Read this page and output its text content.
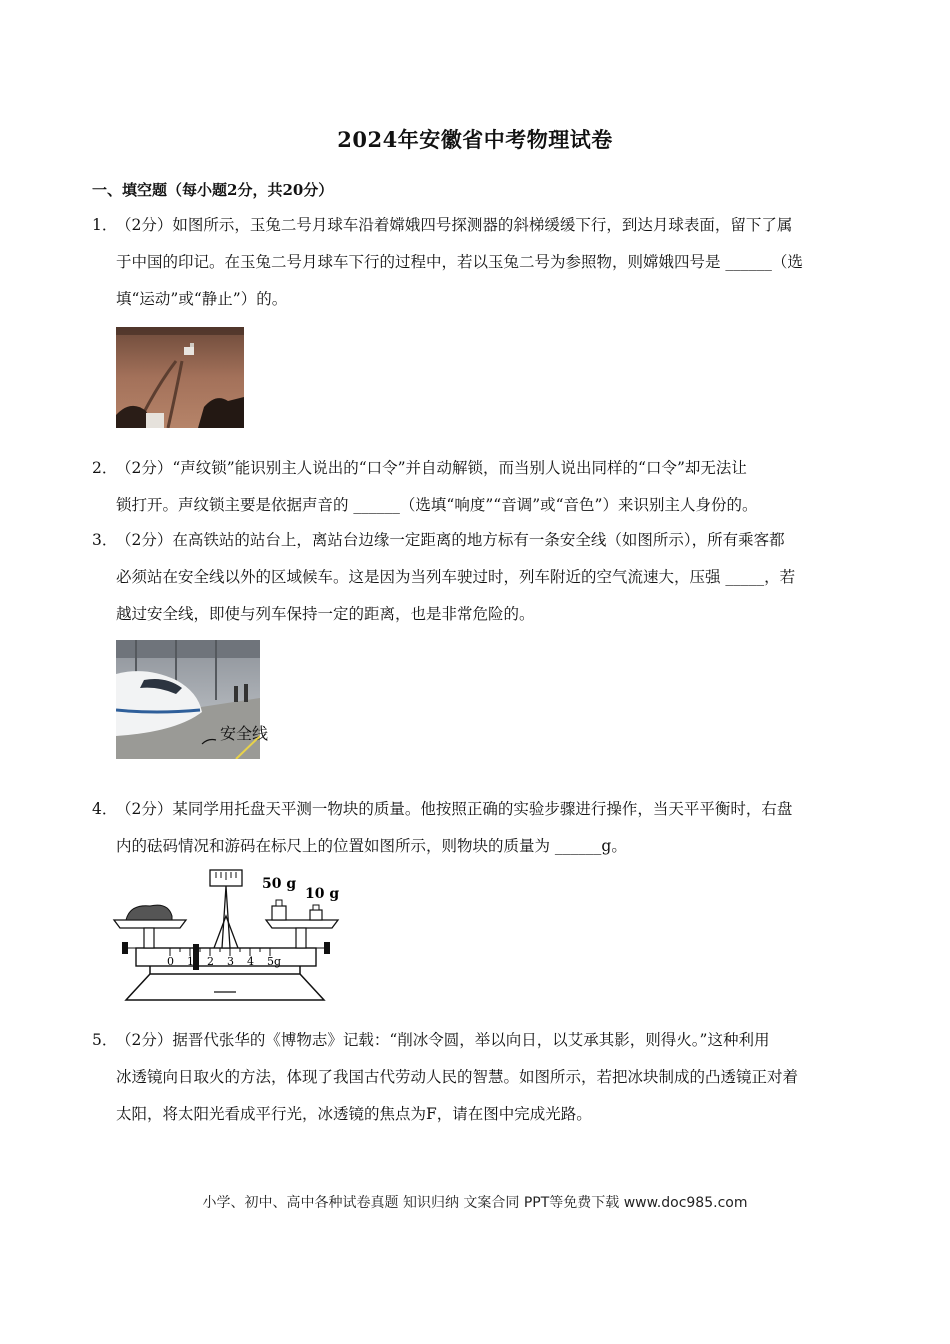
2024年安徽省中考物理试卷
一、填空题（每小题2分，共20分）
1．
（2分）如图所示，玉兔二号月球车沿着嫦娥四号探测器的斜梯缓缓下行，到达月球表面，留下了属
于中国的印记。在玉兔二号月球车下行的过程中，若以玉兔二号为参照物，则嫦娥四号是 ______（选
填“运动”或“静止”）的。
2．
（2分）“声纹锁”能识别主人说出的“口令”并自动解锁，而当别人说出同样的“口令”却无法让
锁打开。声纹锁主要是依据声音的 ______（选填“响度”“音调”或“音色”）来识别主人身份的。
3．
（2分）在高铁站的站台上，离站台边缘一定距离的地方标有一条安全线（如图所示），所有乘客都
必须站在安全线以外的区域候车。这是因为当列车驶过时，列车附近的空气流速大，压强 _____，若
越过安全线，即使与列车保持一定的距离，也是非常危险的。
安全线
4．
（2分）某同学用托盘天平测一物块的质量。他按照正确的实验步骤进行操作，当天平平衡时，右盘
内的砝码情况和游码在标尺上的位置如图所示，则物块的质量为 ______g。
0 1 2 3 4 5g
50 g
10 g
5．
（2分）据晋代张华的《博物志》记载：“削冰令圆，举以向日，以艾承其影，则得火。”这种利用
冰透镜向日取火的方法，体现了我国古代劳动人民的智慧。如图所示，若把冰块制成的凸透镜正对着
太阳，将太阳光看成平行光，冰透镜的焦点为F，请在图中完成光路。
小学、初中、高中各种试卷真题 知识归纳 文案合同 PPT等免费下载 www.doc985.com
